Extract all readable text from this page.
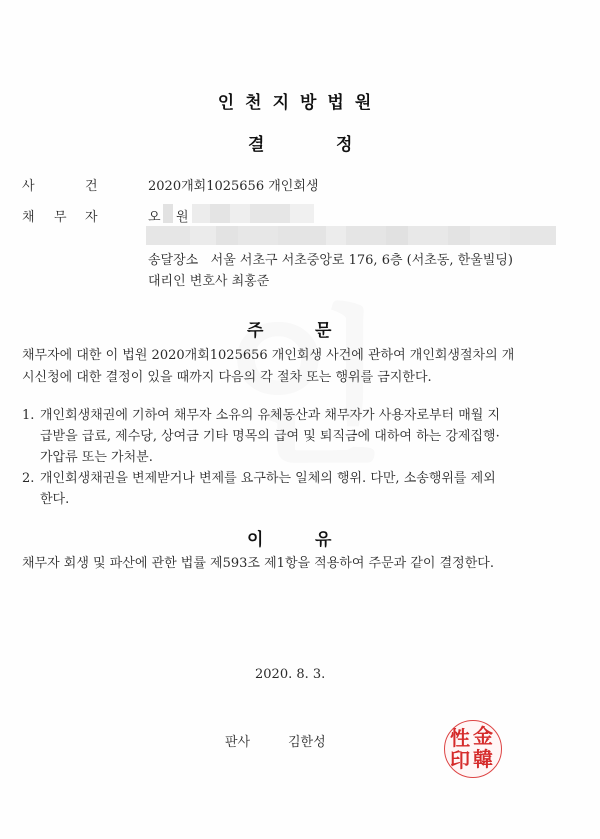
인천지방법원
결	정
사	건	2020개회1025656 개인회생
채 무 자	오 원
송달장소 서울 서초구 서초중앙로 176, 6층 (서초동, 한울빌딩)
대리인 변호사 최홍준
주	문
채무자에 대한 이 법원 2020개회1025656 개인회생 사건에 관하여 개인회생절차의 개
시신청에 대한 결정이 있을 때까지 다음의 각 절차 또는 행위를 금지한다.
1. 개인회생채권에 기하여 채무자 소유의 유체동산과 채무자가 사용자로부터 매월 지
급받을 급료, 제수당, 상여금 기타 명목의 급여 및 퇴직금에 대하여 하는 강제집행·
가압류 또는 가처분.
2. 개인회생채권을 변제받거나 변제를 요구하는 일체의 행위. 다만, 소송행위를 제외
한다.
이	유
채무자 회생 및 파산에 관한 법률 제593조 제1항을 적용하여 주문과 같이 결정한다.
2020. 8. 3.
판사	김한성	性 金
印 韓
